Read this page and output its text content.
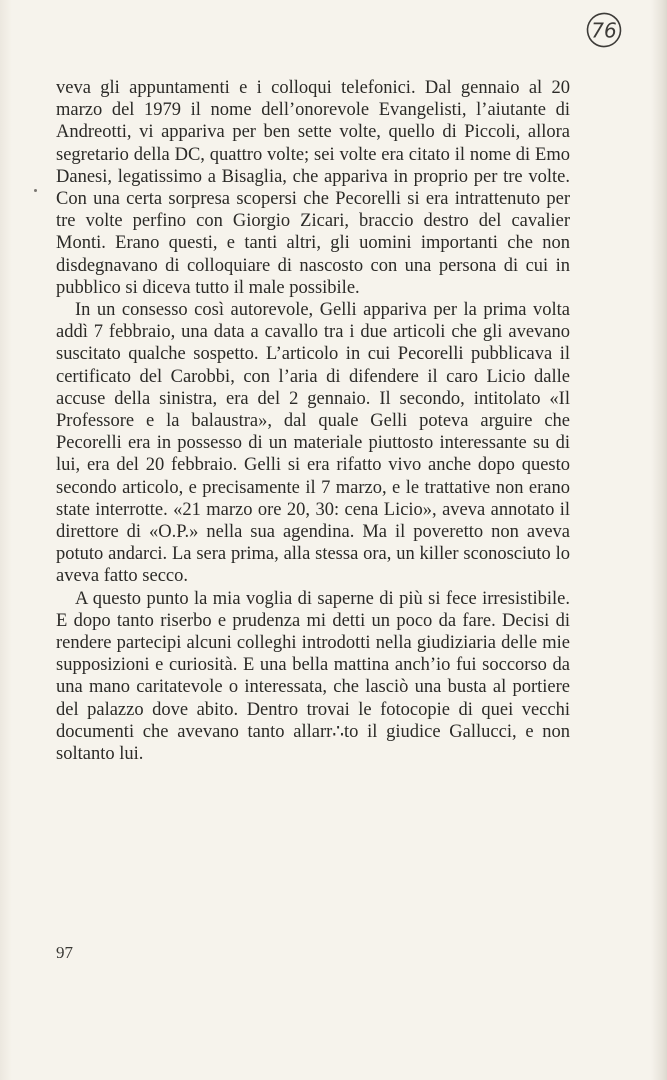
76

veva gli appuntamenti e i colloqui telefonici. Dal gennaio al 20 marzo del 1979 il nome dell’onorevole Evangelisti, l’aiutante di Andreotti, vi appariva per ben sette volte, quello di Piccoli, allora segretario della DC, quattro volte; sei volte era citato il nome di Emo Danesi, legatissimo a Bisaglia, che appariva in proprio per tre volte. Con una certa sorpresa scopersi che Pecorelli si era intrattenuto per tre volte perfino con Giorgio Zicari, braccio destro del cavalier Monti. Erano questi, e tanti altri, gli uomini importanti che non disdegnavano di colloquiare di nascosto con una persona di cui in pubblico si diceva tutto il male possibile.

In un consesso così autorevole, Gelli appariva per la prima volta addì 7 febbraio, una data a cavallo tra i due articoli che gli avevano suscitato qualche sospetto. L’articolo in cui Pecorelli pubblicava il certificato del Carobbi, con l’aria di difendere il caro Licio dalle accuse della sinistra, era del 2 gennaio. Il secondo, intitolato «Il Professore e la balaustra», dal quale Gelli poteva arguire che Pecorelli era in possesso di un materiale piuttosto interessante su di lui, era del 20 febbraio. Gelli si era rifatto vivo anche dopo questo secondo articolo, e precisamente il 7 marzo, e le trattative non erano state interrotte. «21 marzo ore 20, 30: cena Licio», aveva annotato il direttore di «O.P.» nella sua agendina. Ma il poveretto non aveva potuto andarci. La sera prima, alla stessa ora, un killer sconosciuto lo aveva fatto secco.

A questo punto la mia voglia di saperne di più si fece irresistibile. E dopo tanto riserbo e prudenza mi detti un poco da fare. Decisi di rendere partecipi alcuni colleghi introdotti nella giudiziaria delle mie supposizioni e curiosità. E una bella mattina anch’io fui soccorso da una mano caritatevole o interessata, che lasciò una busta al portiere del palazzo dove abito. Dentro trovai le fotocopie di quei vecchi documenti che avevano tanto allarr∴to il giudice Gallucci, e non soltanto lui.

97
